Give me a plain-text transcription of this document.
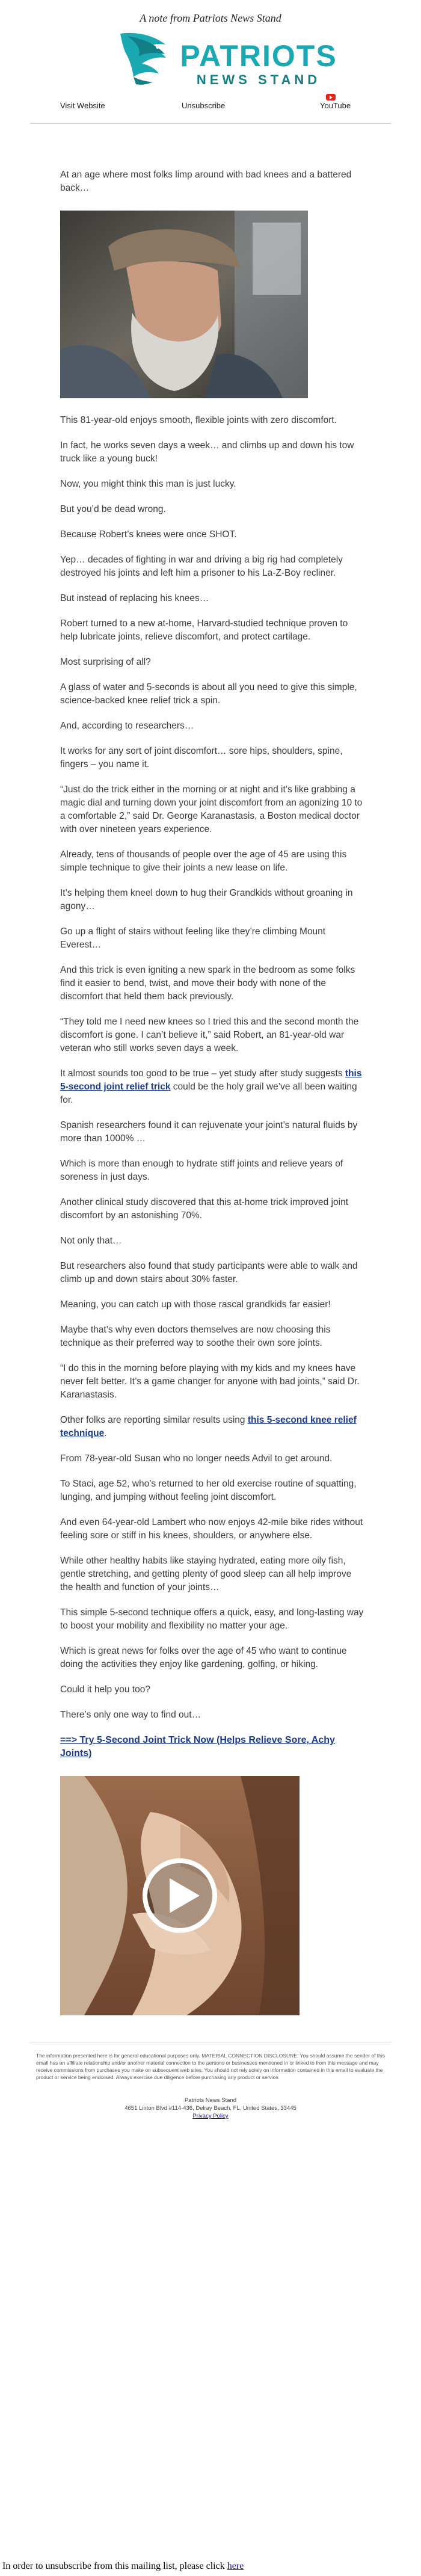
A note from Patriots News Stand
PATRIOTS
NEWS STAND
Visit Website	Unsubscribe	YouTube

At an age where most folks limp around with bad knees and a battered back…

This 81-year-old enjoys smooth, flexible joints with zero discomfort.

In fact, he works seven days a week… and climbs up and down his tow truck like a young buck!

Now, you might think this man is just lucky.

But you’d be dead wrong.

Because Robert’s knees were once SHOT.

Yep… decades of fighting in war and driving a big rig had completely destroyed his joints and left him a prisoner to his La-Z-Boy recliner.

But instead of replacing his knees…

Robert turned to a new at-home, Harvard-studied technique proven to help lubricate joints, relieve discomfort, and protect cartilage.

Most surprising of all?

A glass of water and 5-seconds is about all you need to give this simple, science-backed knee relief trick a spin.

And, according to researchers…

It works for any sort of joint discomfort… sore hips, shoulders, spine, fingers – you name it.

“Just do the trick either in the morning or at night and it’s like grabbing a magic dial and turning down your joint discomfort from an agonizing 10 to a comfortable 2,” said Dr. George Karanastasis, a Boston medical doctor with over nineteen years experience.

Already, tens of thousands of people over the age of 45 are using this simple technique to give their joints a new lease on life.

It’s helping them kneel down to hug their Grandkids without groaning in agony…

Go up a flight of stairs without feeling like they’re climbing Mount Everest…

And this trick is even igniting a new spark in the bedroom as some folks find it easier to bend, twist, and move their body with none of the discomfort that held them back previously.

“They told me I need new knees so I tried this and the second month the discomfort is gone. I can’t believe it,” said Robert, an 81-year-old war veteran who still works seven days a week.

It almost sounds too good to be true – yet study after study suggests this 5-second joint relief trick could be the holy grail we’ve all been waiting for.

Spanish researchers found it can rejuvenate your joint’s natural fluids by more than 1000% …

Which is more than enough to hydrate stiff joints and relieve years of soreness in just days.

Another clinical study discovered that this at-home trick improved joint discomfort by an astonishing 70%.

Not only that…

But researchers also found that study participants were able to walk and climb up and down stairs about 30% faster.

Meaning, you can catch up with those rascal grandkids far easier!

Maybe that’s why even doctors themselves are now choosing this technique as their preferred way to soothe their own sore joints.

“I do this in the morning before playing with my kids and my knees have never felt better. It’s a game changer for anyone with bad joints,” said Dr. Karanastasis.

Other folks are reporting similar results using this 5-second knee relief technique.

From 78-year-old Susan who no longer needs Advil to get around.

To Staci, age 52, who’s returned to her old exercise routine of squatting, lunging, and jumping without feeling joint discomfort.

And even 64-year-old Lambert who now enjoys 42-mile bike rides without feeling sore or stiff in his knees, shoulders, or anywhere else.

While other healthy habits like staying hydrated, eating more oily fish, gentle stretching, and getting plenty of good sleep can all help improve the health and function of your joints…

This simple 5-second technique offers a quick, easy, and long-lasting way to boost your mobility and flexibility no matter your age.

Which is great news for folks over the age of 45 who want to continue doing the activities they enjoy like gardening, golfing, or hiking.

Could it help you too?

There’s only one way to find out…

==> Try 5-Second Joint Trick Now (Helps Relieve Sore, Achy Joints)

The information presented here is for general educational purposes only. MATERIAL CONNECTION DISCLOSURE: You should assume the sender of this email has an affiliate relationship and/or another material connection to the persons or businesses mentioned in or linked to from this message and may receive commissions from purchases you make on subsequent web sites. You should not rely solely on information contained in this email to evaluate the product or service being endorsed. Always exercise due diligence before purchasing any product or service.
Patriots News Stand
4651 Linton Blvd #114-436, Delray Beach, FL, United States, 33445
Privacy Policy
In order to unsubscribe from this mailing list, please click here
